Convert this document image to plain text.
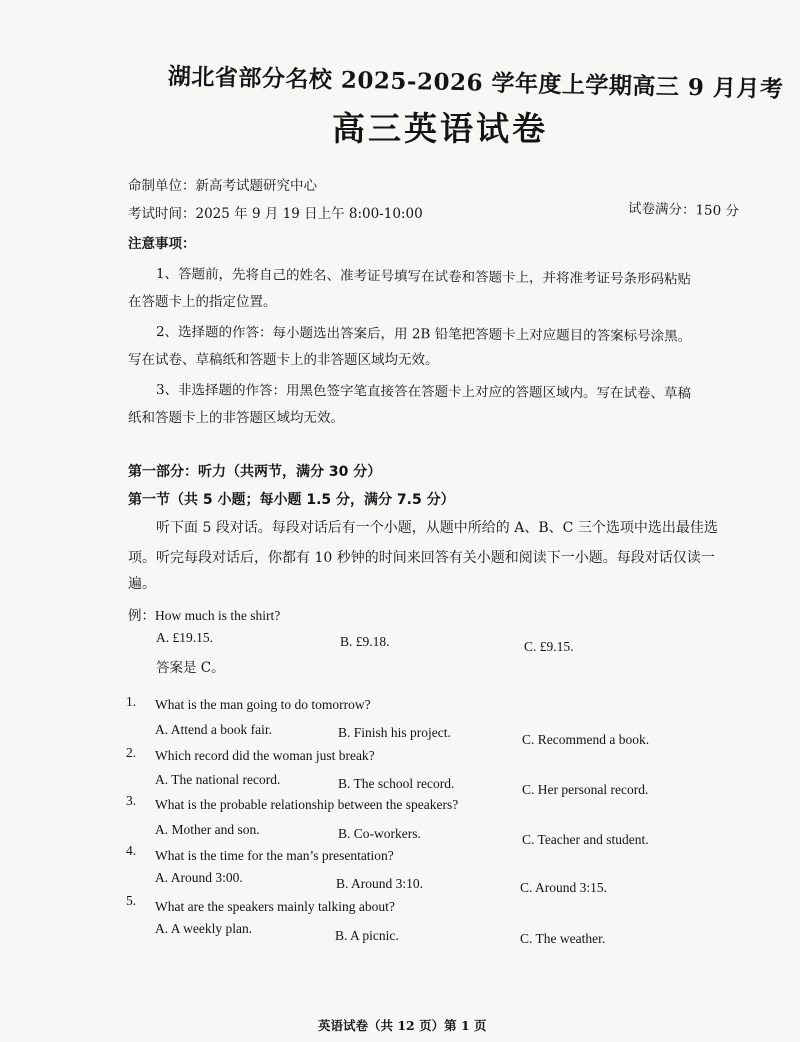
湖北省部分名校 2025-2026 学年度上学期高三 9 月月考
高三英语试卷
命制单位：新高考试题研究中心
考试时间：2025 年 9 月 19 日上午 8:00-10:00	试卷满分：150 分
注意事项：
1、答题前，先将自己的姓名、准考证号填写在试卷和答题卡上，并将准考证号条形码粘贴
在答题卡上的指定位置。
2、选择题的作答：每小题选出答案后，用 2B 铅笔把答题卡上对应题目的答案标号涂黑。
写在试卷、草稿纸和答题卡上的非答题区域均无效。
3、非选择题的作答：用黑色签字笔直接答在答题卡上对应的答题区域内。写在试卷、草稿
纸和答题卡上的非答题区域均无效。
第一部分：听力（共两节，满分 30 分）
第一节（共 5 小题；每小题 1.5 分，满分 7.5 分）
听下面 5 段对话。每段对话后有一个小题，从题中所给的 A、B、C 三个选项中选出最佳选
项。听完每段对话后，你都有 10 秒钟的时间来回答有关小题和阅读下一小题。每段对话仅读一
遍。
例：How much is the shirt?
A. £19.15.	B. £9.18.	C. £9.15.
答案是 C。
1. What is the man going to do tomorrow?
A. Attend a book fair.	B. Finish his project.	C. Recommend a book.
2. Which record did the woman just break?
A. The national record.	B. The school record.	C. Her personal record.
3. What is the probable relationship between the speakers?
A. Mother and son.	B. Co-workers.	C. Teacher and student.
4. What is the time for the man’s presentation?
A. Around 3:00.	B. Around 3:10.	C. Around 3:15.
5. What are the speakers mainly talking about?
A. A weekly plan.	B. A picnic.	C. The weather.
英语试卷（共 12 页）第 1 页
